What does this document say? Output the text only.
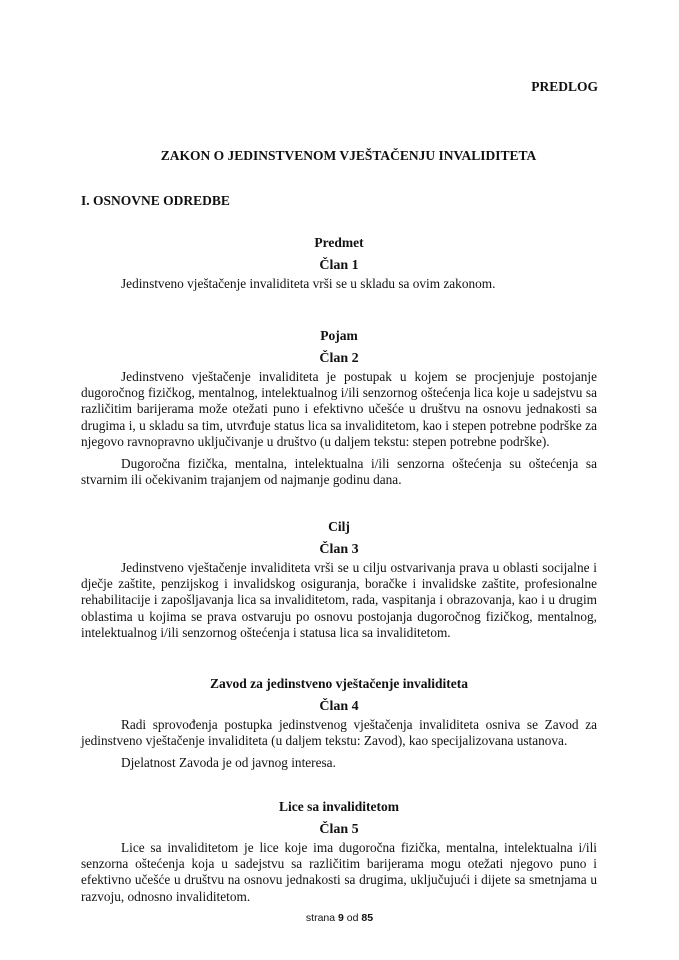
PREDLOG
ZAKON O JEDINSTVENOM VJEŠTAČENJU INVALIDITETA
I. OSNOVNE ODREDBE
Predmet
Član 1

Jedinstveno vještačenje invaliditeta vrši se u skladu sa ovim zakonom.

Pojam
Član 2

Jedinstveno vještačenje invaliditeta je postupak u kojem se procjenjuje postojanje dugoročnog fizičkog, mentalnog, intelektualnog i/ili senzornog oštećenja lica koje u sadejstvu sa različitim barijerama može otežati puno i efektivno učešće u društvu na osnovu jednakosti sa drugima i, u skladu sa tim, utvrđuje status lica sa invaliditetom, kao i stepen potrebne podrške za njegovo ravnopravno uključivanje u društvo (u daljem tekstu: stepen potrebne podrške).

Dugoročna fizička, mentalna, intelektualna i/ili senzorna oštećenja su oštećenja sa stvarnim ili očekivanim trajanjem od najmanje godinu dana.

Cilj
Član 3

Jedinstveno vještačenje invaliditeta vrši se u cilju ostvarivanja prava u oblasti socijalne i dječje zaštite, penzijskog i invalidskog osiguranja, boračke i invalidske zaštite, profesionalne rehabilitacije i zapošljavanja lica sa invaliditetom, rada, vaspitanja i obrazovanja, kao i u drugim oblastima u kojima se prava ostvaruju po osnovu postojanja dugoročnog fizičkog, mentalnog, intelektualnog i/ili senzornog oštećenja i statusa lica sa invaliditetom.

Zavod za jedinstveno vještačenje invaliditeta
Član 4

Radi sprovođenja postupka jedinstvenog vještačenja invaliditeta osniva se Zavod za jedinstveno vještačenje invaliditeta (u daljem tekstu: Zavod), kao specijalizovana ustanova.

Djelatnost Zavoda je od javnog interesa.

Lice sa invaliditetom
Član 5

Lice sa invaliditetom je lice koje ima dugoročna fizička, mentalna, intelektualna i/ili senzorna oštećenja koja u sadejstvu sa različitim barijerama mogu otežati njegovo puno i efektivno učešće u društvu na osnovu jednakosti sa drugima, uključujući i dijete sa smetnjama u razvoju, odnosno invaliditetom.

strana 9 od 85
